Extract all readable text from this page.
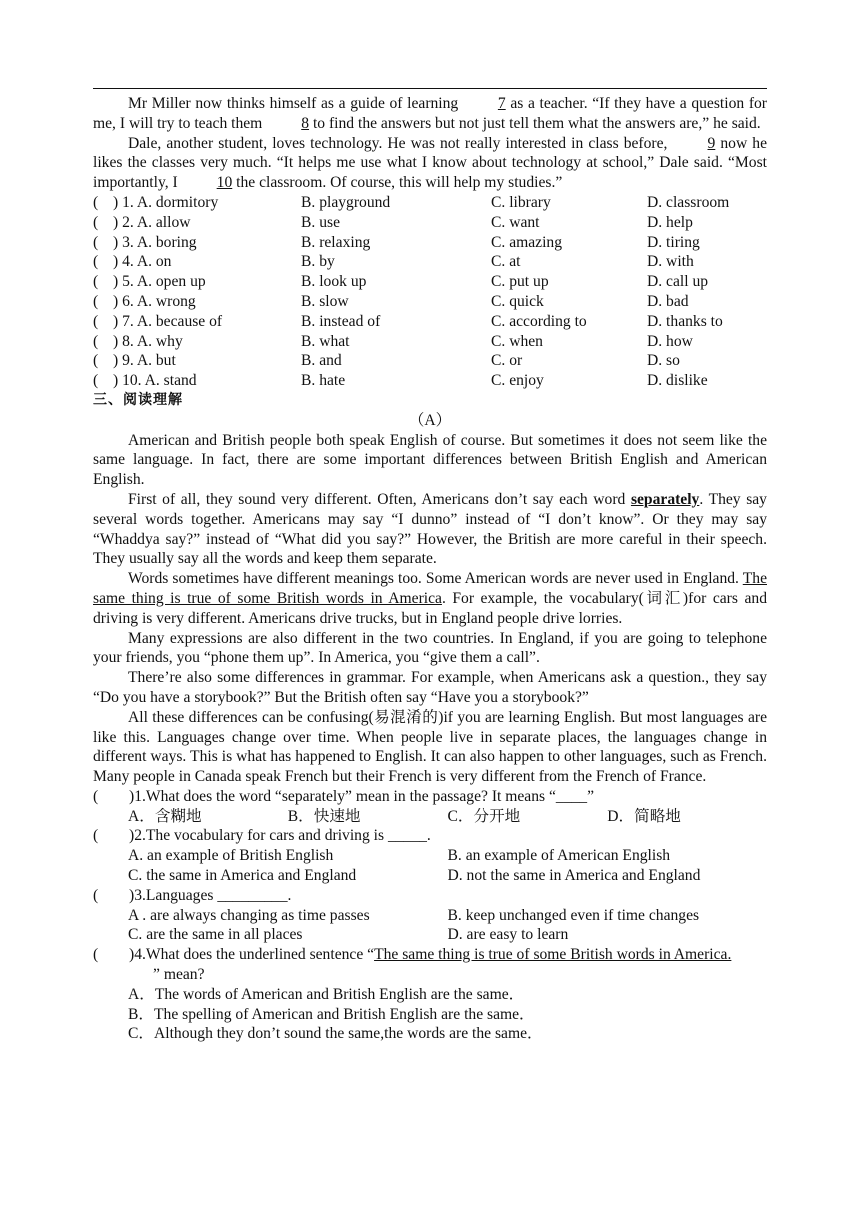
Mr Miller now thinks himself as a guide of learning	7 as a teacher. “If they have a question for me, I will try to teach them 8 to find the answers but not just tell them what the answers are,” he said.

Dale, another student, loves technology. He was not really interested in class before,	9 now he likes the classes very much. “It helps me use what I know about technology at school,” Dale said. “Most importantly, I 10 the classroom. Of course, this will help my studies.”

( ) 1. A. dormitory	B. playground	C. library	D. classroom
( ) 2. A. allow	B. use	C. want	D. help
( ) 3. A. boring	B. relaxing	C. amazing	D. tiring
( ) 4. A. on	B. by	C. at	D. with
( ) 5. A. open up	B. look up	C. put up	D. call up
( ) 6. A. wrong	B. slow	C. quick	D. bad
( ) 7. A. because of	B. instead of	C. according to	D. thanks to
( ) 8. A. why	B. what	C. when	D. how
( ) 9. A. but	B. and	C. or	D. so
( ) 10. A. stand	B. hate	C. enjoy	D. dislike
三、阅读理解
（A）

American and British people both speak English of course. But sometimes it does not seem like the same language. In fact, there are some important differences between British English and American English.

First of all, they sound very different. Often, Americans don’t say each word separately. They say several words together. Americans may say “I dunno” instead of “I don’t know”. Or they may say “Whaddya say?” instead of “What did you say?” However, the British are more careful in their speech. They usually say all the words and keep them separate.

Words sometimes have different meanings too. Some American words are never used in England. The same thing is true of some British words in America. For example, the vocabulary(词汇)for cars and driving is very different. Americans drive trucks, but in England people drive lorries.

Many expressions are also different in the two countries. In England, if you are going to telephone your friends, you “phone them up”. In America, you “give them a call”.

There’re also some differences in grammar. For example, when Americans ask a question., they say “Do you have a storybook?” But the British often say “Have you a storybook?”

All these differences can be confusing(易混淆的)if you are learning English. But most languages are like this. Languages change over time. When people live in separate places, the languages change in different ways. This is what has happened to English. It can also happen to other languages, such as French. Many people in Canada speak French but their French is very different from the French of France.

(	)1.What does the word “separately” mean in the passage? It means “____”
A．含糊地	B．快速地	C．分开地	D．简略地
(	)2.The vocabulary for cars and driving is _____.
A. an example of British English	B. an example of American English
C. the same in America and England	D. not the same in America and England
(	)3.Languages _________.
A . are always changing as time passes	B. keep unchanged even if time changes
C. are the same in all places	D. are easy to learn
(	)4.What does the underlined sentence “The same thing is true of some British words in America.
” mean?
A．The words of American and British English are the same．
B．The spelling of American and British English are the same．
C．Although they don’t sound the same,the words are the same．
